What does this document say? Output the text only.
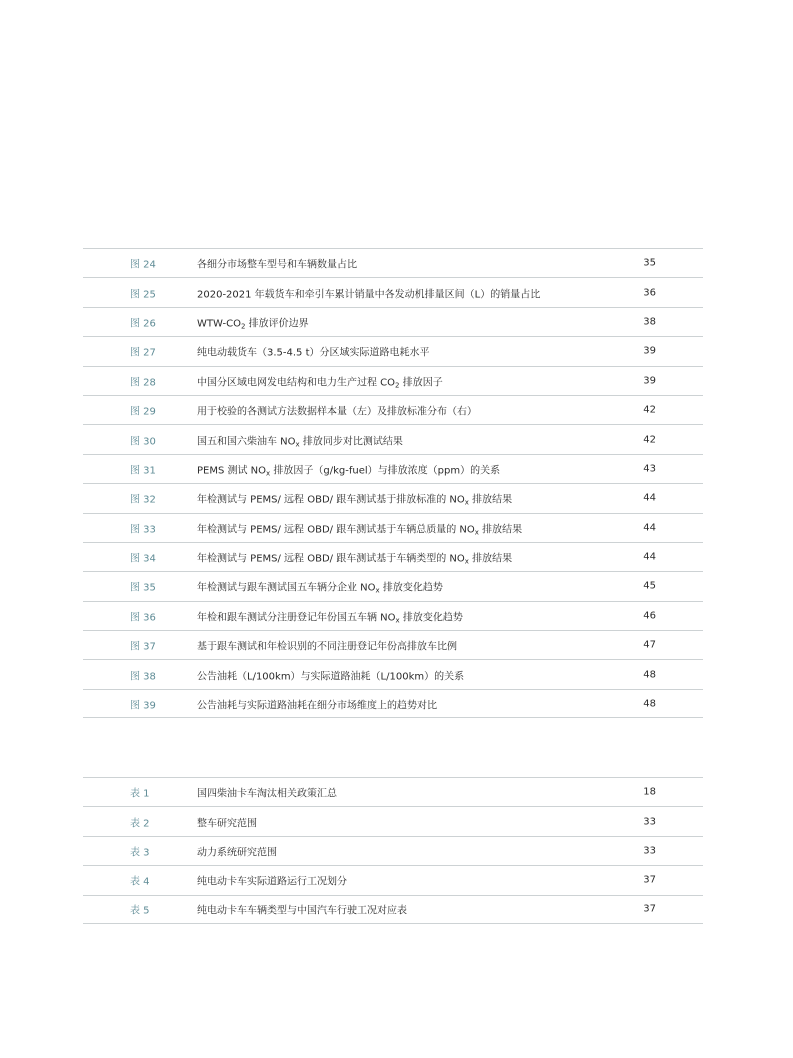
图 24	各细分市场整车型号和车辆数量占比	35
图 25	2020-2021 年载货车和牵引车累计销量中各发动机排量区间（L）的销量占比	36
图 26	WTW-$CO_2$ 排放评价边界	38
图 27	纯电动载货车（3.5-4.5 t）分区域实际道路电耗水平	39
图 28	中国分区域电网发电结构和电力生产过程 $CO_2$ 排放因子	39
图 29	用于校验的各测试方法数据样本量（左）及排放标准分布（右）	42
图 30	国五和国六柴油车 $NO_x$ 排放同步对比测试结果	42
图 31	PEMS 测试 $NO_x$ 排放因子（g/kg-fuel）与排放浓度（ppm）的关系	43
图 32	年检测试与 PEMS/ 远程 OBD/ 跟车测试基于排放标准的 $NO_x$ 排放结果	44
图 33	年检测试与 PEMS/ 远程 OBD/ 跟车测试基于车辆总质量的 $NO_x$ 排放结果	44
图 34	年检测试与 PEMS/ 远程 OBD/ 跟车测试基于车辆类型的 $NO_x$ 排放结果	44
图 35	年检测试与跟车测试国五车辆分企业 $NO_x$ 排放变化趋势	45
图 36	年检和跟车测试分注册登记年份国五车辆 $NO_x$ 排放变化趋势	46
图 37	基于跟车测试和年检识别的不同注册登记年份高排放车比例	47
图 38	公告油耗（L/100km）与实际道路油耗（L/100km）的关系	48
图 39	公告油耗与实际道路油耗在细分市场维度上的趋势对比	48
表 1	国四柴油卡车淘汰相关政策汇总	18
表 2	整车研究范围	33
表 3	动力系统研究范围	33
表 4	纯电动卡车实际道路运行工况划分	37
表 5	纯电动卡车车辆类型与中国汽车行驶工况对应表	37
